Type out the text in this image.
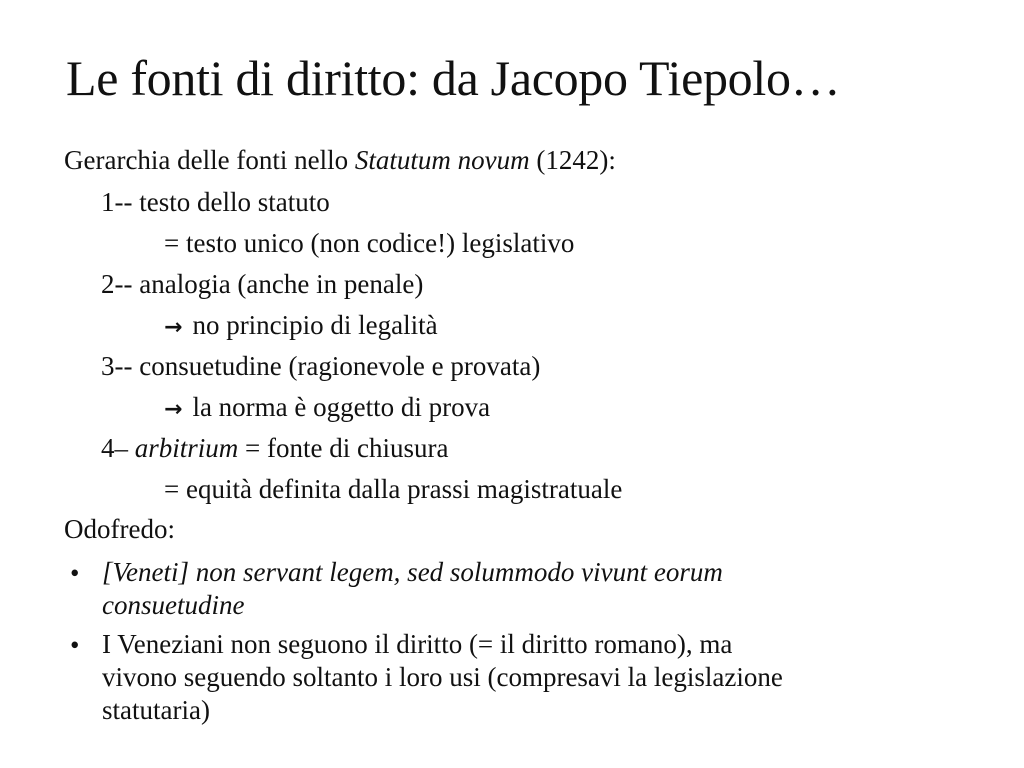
Le fonti di diritto: da Jacopo Tiepolo…
Gerarchia delle fonti nello Statutum novum (1242):
1-- testo dello statuto
= testo unico (non codice!) legislativo
2-- analogia (anche in penale)
→ no principio di legalità
3-- consuetudine (ragionevole e provata)
→ la norma è oggetto di prova
4– arbitrium = fonte di chiusura
= equità definita dalla prassi magistratuale
Odofredo:
• [Veneti] non servant legem, sed solummodo vivunt eorum
consuetudine
• I Veneziani non seguono il diritto (= il diritto romano), ma
vivono seguendo soltanto i loro usi (compresavi la legislazione
statutaria)
